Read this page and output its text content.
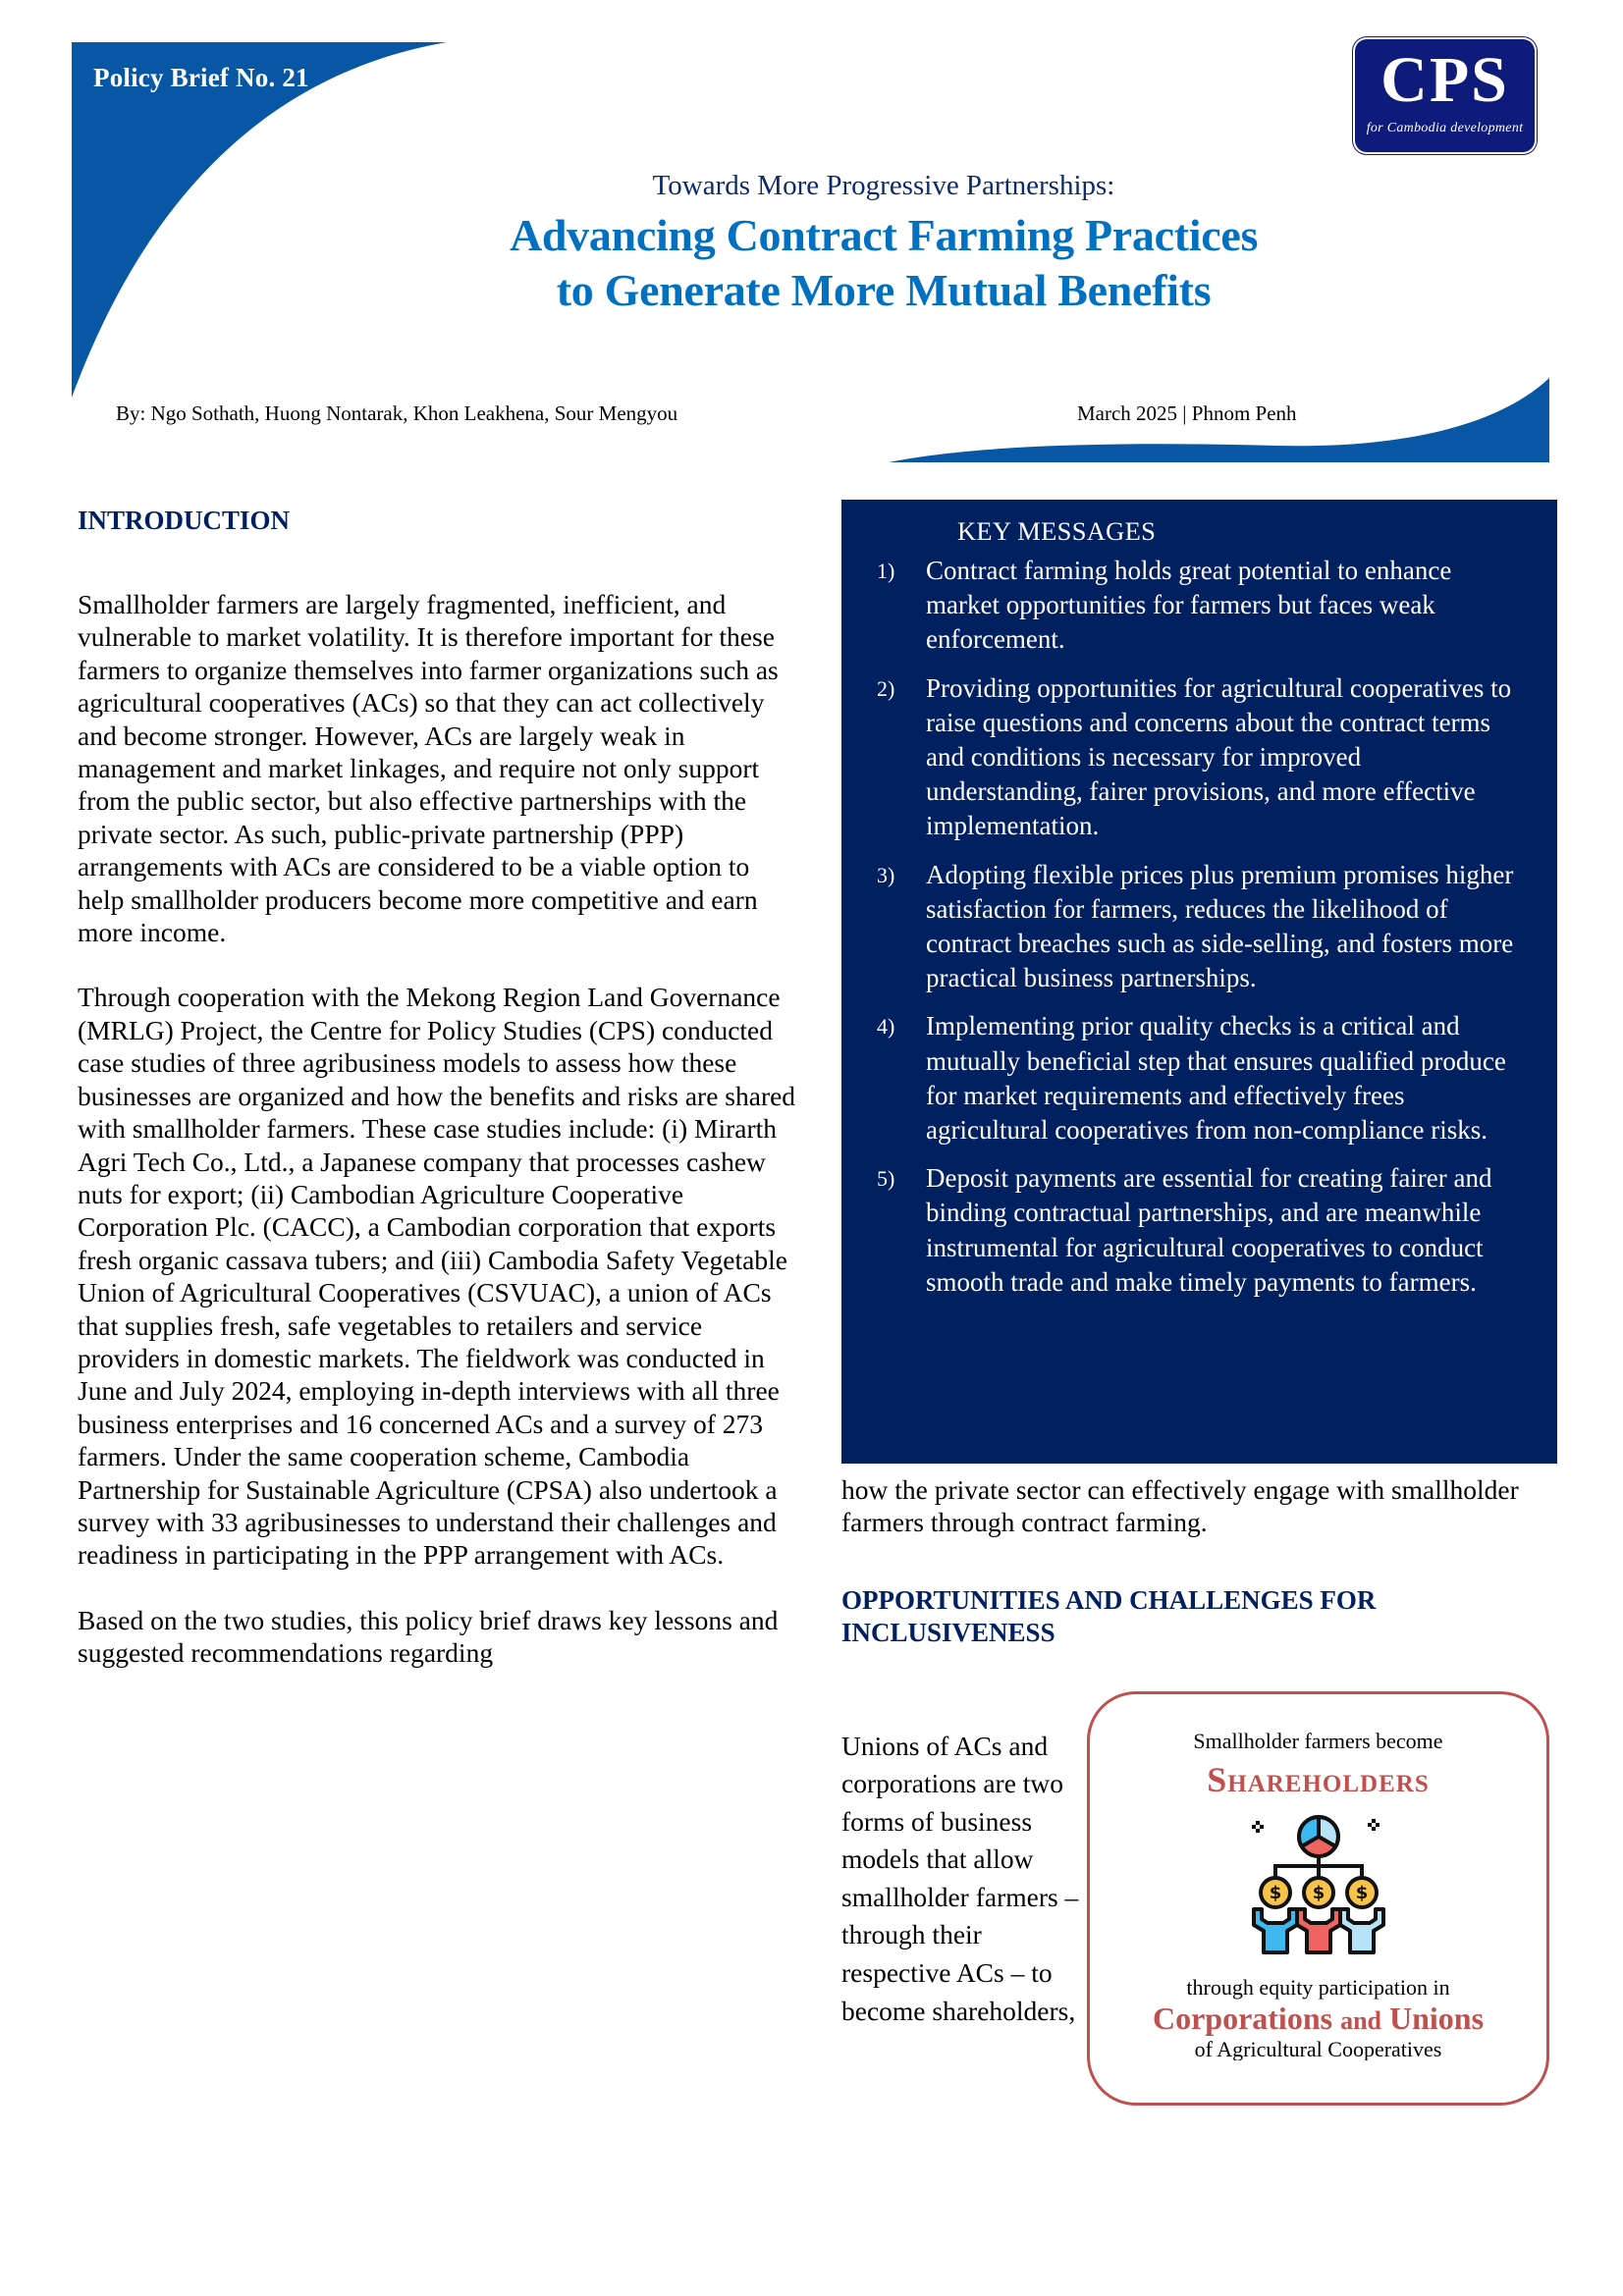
Policy Brief No. 21	CPS
for Cambodia development
Towards More Progressive Partnerships:
Advancing Contract Farming Practices
to Generate More Mutual Benefits
By: Ngo Sothath, Huong Nontarak, Khon Leakhena, Sour Mengyou	March 2025 | Phnom Penh
INTRODUCTION

Smallholder farmers are largely fragmented, inefficient, and vulnerable to market volatility. It is therefore important for these farmers to organize themselves into farmer organizations such as agricultural cooperatives (ACs) so that they can act collectively and become stronger. However, ACs are largely weak in management and market linkages, and require not only support from the public sector, but also effective partnerships with the private sector. As such, public-private partnership (PPP) arrangements with ACs are considered to be a viable option to help smallholder producers become more competitive and earn more income.

Through cooperation with the Mekong Region Land Governance (MRLG) Project, the Centre for Policy Studies (CPS) conducted case studies of three agribusiness models to assess how these businesses are organized and how the benefits and risks are shared with smallholder farmers. These case studies include: (i) Mirarth Agri Tech Co., Ltd., a Japanese company that processes cashew nuts for export; (ii) Cambodian Agriculture Cooperative Corporation Plc. (CACC), a Cambodian corporation that exports fresh organic cassava tubers; and (iii) Cambodia Safety Vegetable Union of Agricultural Cooperatives (CSVUAC), a union of ACs that supplies fresh, safe vegetables to retailers and service providers in domestic markets. The fieldwork was conducted in June and July 2024, employing in-depth interviews with all three business enterprises and 16 concerned ACs and a survey of 273 farmers. Under the same cooperation scheme, Cambodia Partnership for Sustainable Agriculture (CPSA) also undertook a survey with 33 agribusinesses to understand their challenges and readiness in participating in the PPP arrangement with ACs.

Based on the two studies, this policy brief draws key lessons and suggested recommendations regarding

KEY MESSAGES
1)	Contract farming holds great potential to enhance market opportunities for farmers but faces weak enforcement.
2)	Providing opportunities for agricultural cooperatives to raise questions and concerns about the contract terms and conditions is necessary for improved understanding, fairer provisions, and more effective implementation.
3)	Adopting flexible prices plus premium promises higher satisfaction for farmers, reduces the likelihood of contract breaches such as side-selling, and fosters more practical business partnerships.
4)	Implementing prior quality checks is a critical and mutually beneficial step that ensures qualified produce for market requirements and effectively frees agricultural cooperatives from non-compliance risks.
5)	Deposit payments are essential for creating fairer and binding contractual partnerships, and are meanwhile instrumental for agricultural cooperatives to conduct smooth trade and make timely payments to farmers.

how the private sector can effectively engage with smallholder farmers through contract farming.

OPPORTUNITIES AND CHALLENGES FOR INCLUSIVENESS

Unions of ACs and corporations are two forms of business models that allow smallholder farmers – through their respective ACs – to become shareholders,

Smallholder farmers become
Shareholders
$ $ $
through equity participation in
Corporations and Unions
of Agricultural Cooperatives
